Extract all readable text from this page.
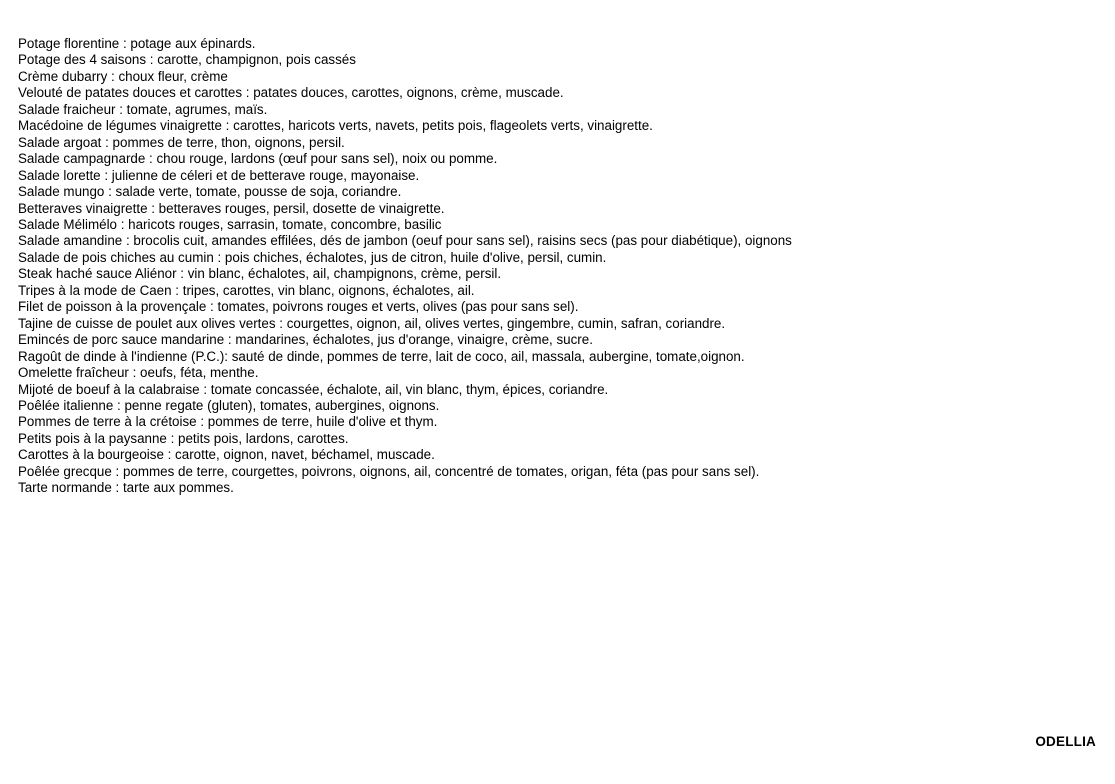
Potage florentine : potage aux épinards.
Potage des 4 saisons : carotte, champignon, pois cassés
Crème dubarry : choux fleur, crème
Velouté de patates douces et carottes : patates douces, carottes, oignons, crème, muscade.
Salade fraicheur : tomate, agrumes, maïs.
Macédoine de légumes vinaigrette : carottes, haricots verts, navets, petits pois, flageolets verts, vinaigrette.
Salade argoat : pommes de terre, thon, oignons, persil.
Salade campagnarde : chou rouge, lardons (œuf pour sans sel), noix ou pomme.
Salade lorette : julienne de céleri et de betterave rouge, mayonaise.
Salade mungo : salade verte, tomate, pousse de soja, coriandre.
Betteraves vinaigrette : betteraves rouges, persil, dosette de vinaigrette.
Salade Mélimélo : haricots rouges, sarrasin, tomate, concombre, basilic
Salade amandine : brocolis cuit, amandes effilées, dés de jambon (oeuf pour sans sel), raisins secs (pas pour diabétique), oignons
Salade de pois chiches au cumin : pois chiches, échalotes, jus de citron, huile d'olive, persil, cumin.
Steak haché sauce Aliénor : vin blanc, échalotes, ail, champignons, crème, persil.
Tripes à la mode de Caen : tripes, carottes, vin blanc, oignons, échalotes, ail.
Filet de poisson à la provençale : tomates, poivrons rouges et verts, olives (pas pour sans sel).
Tajine de cuisse de poulet aux olives vertes : courgettes, oignon, ail, olives vertes, gingembre, cumin, safran, coriandre.
Emincés de porc sauce mandarine : mandarines, échalotes, jus d'orange, vinaigre, crème, sucre.
Ragoût de dinde à l'indienne (P.C.): sauté de dinde, pommes de terre, lait de coco, ail, massala, aubergine, tomate,oignon.
Omelette fraîcheur : oeufs, féta, menthe.
Mijoté de boeuf à la calabraise : tomate concassée, échalote, ail, vin blanc, thym, épices, coriandre.
Poêlée italienne : penne regate (gluten), tomates, aubergines, oignons.
Pommes de terre à la crétoise : pommes de terre, huile d'olive et thym.
Petits pois à la paysanne : petits pois, lardons, carottes.
Carottes à la bourgeoise : carotte, oignon, navet, béchamel, muscade.
Poêlée grecque : pommes de terre, courgettes, poivrons, oignons, ail, concentré de tomates, origan, féta (pas pour sans sel).
Tarte normande : tarte aux pommes.
ODELLIA
